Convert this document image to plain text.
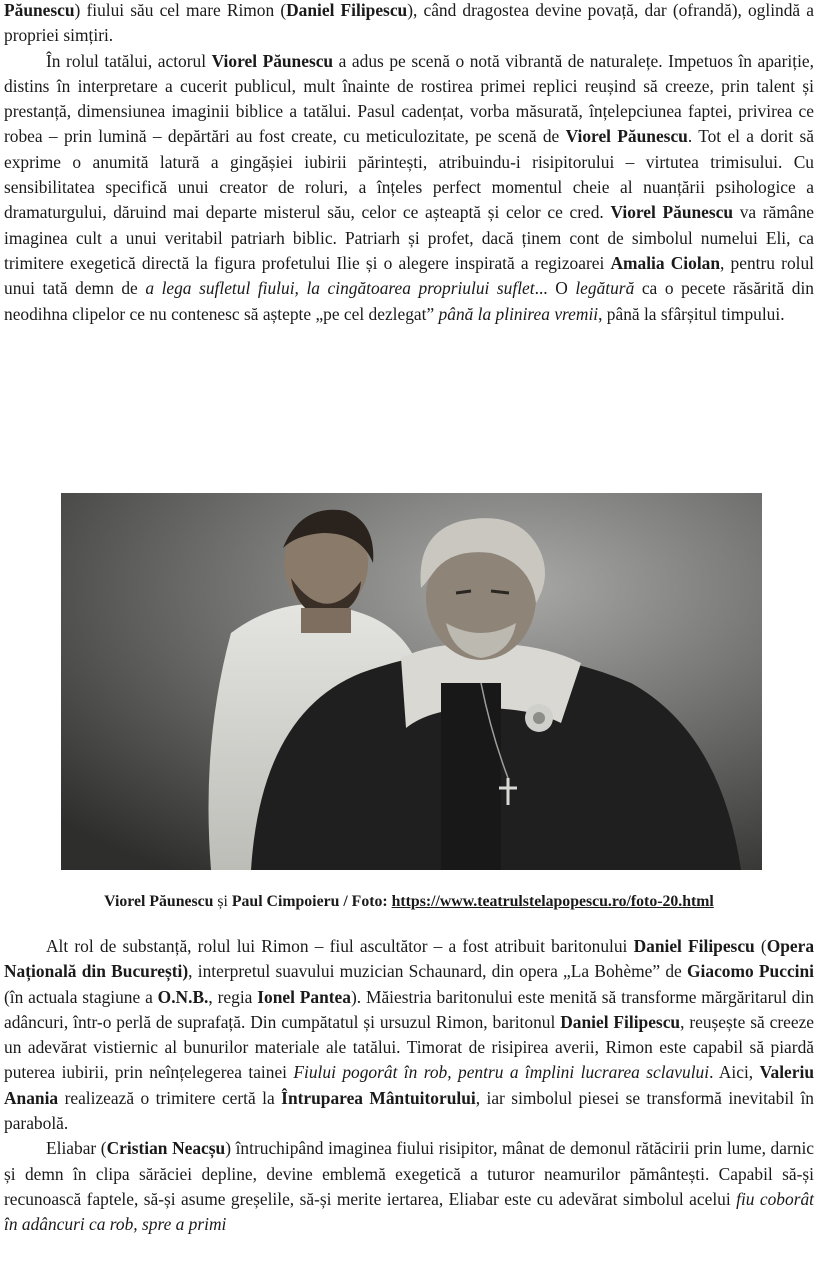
Păunescu) fiului său cel mare Rimon (Daniel Filipescu), când dragostea devine povață, dar (ofrandă), oglindă a propriei simțiri.

În rolul tatălui, actorul Viorel Păunescu a adus pe scenă o notă vibrantă de naturalețe. Impetuos în apariție, distins în interpretare a cucerit publicul, mult înainte de rostirea primei replici reușind să creeze, prin talent și prestanță, dimensiunea imaginii biblice a tatălui. Pasul cadențat, vorba măsurată, înțelepciunea faptei, privirea ce robea – prin lumină – depărtări au fost create, cu meticulozitate, pe scenă de Viorel Păunescu. Tot el a dorit să exprime o anumită latură a gingășiei iubirii părintești, atribuindu-i risipitorului – virtutea trimisului. Cu sensibilitatea specifică unui creator de roluri, a înțeles perfect momentul cheie al nuanțării psihologice a dramaturgului, dăruind mai departe misterul său, celor ce așteaptă și celor ce cred. Viorel Păunescu va rămâne imaginea cult a unui veritabil patriarh biblic. Patriarh și profet, dacă ținem cont de simbolul numelui Eli, ca trimitere exegetică directă la figura profetului Ilie și o alegere inspirată a regizoarei Amalia Ciolan, pentru rolul unui tată demn de a lega sufletul fiului, la cingătoarea propriului suflet... O legătură ca o pecete răsărită din neodihna clipelor ce nu contenesc să aștepte „pe cel dezlegat” până la plinirea vremii, până la sfârșitul timpului.

Viorel Păunescu și Paul Cimpoieru / Foto: https://www.teatrulstelapopescu.ro/foto-20.html

Alt rol de substanță, rolul lui Rimon – fiul ascultător – a fost atribuit baritonului Daniel Filipescu (Opera Națională din București), interpretul suavului muzician Schaunard, din opera „La Bohème” de Giacomo Puccini (în actuala stagiune a O.N.B., regia Ionel Pantea). Măiestria baritonului este menită să transforme mărgăritarul din adâncuri, într-o perlă de suprafață. Din cumpătatul și ursuzul Rimon, baritonul Daniel Filipescu, reușește să creeze un adevărat vistiernic al bunurilor materiale ale tatălui. Timorat de risipirea averii, Rimon este capabil să piardă puterea iubirii, prin neînțelegerea tainei Fiului pogorât în rob, pentru a împlini lucrarea sclavului. Aici, Valeriu Anania realizează o trimitere certă la Întruparea Mântuitorului, iar simbolul piesei se transformă inevitabil în parabolă.

Eliabar (Cristian Neacșu) întruchipând imaginea fiului risipitor, mânat de demonul rătăcirii prin lume, darnic și demn în clipa sărăciei depline, devine emblemă exegetică a tuturor neamurilor pământești. Capabil să-și recunoască faptele, să-și asume greșelile, să-și merite iertarea, Eliabar este cu adevărat simbolul acelui fiu coborât în adâncuri ca rob, spre a primi
